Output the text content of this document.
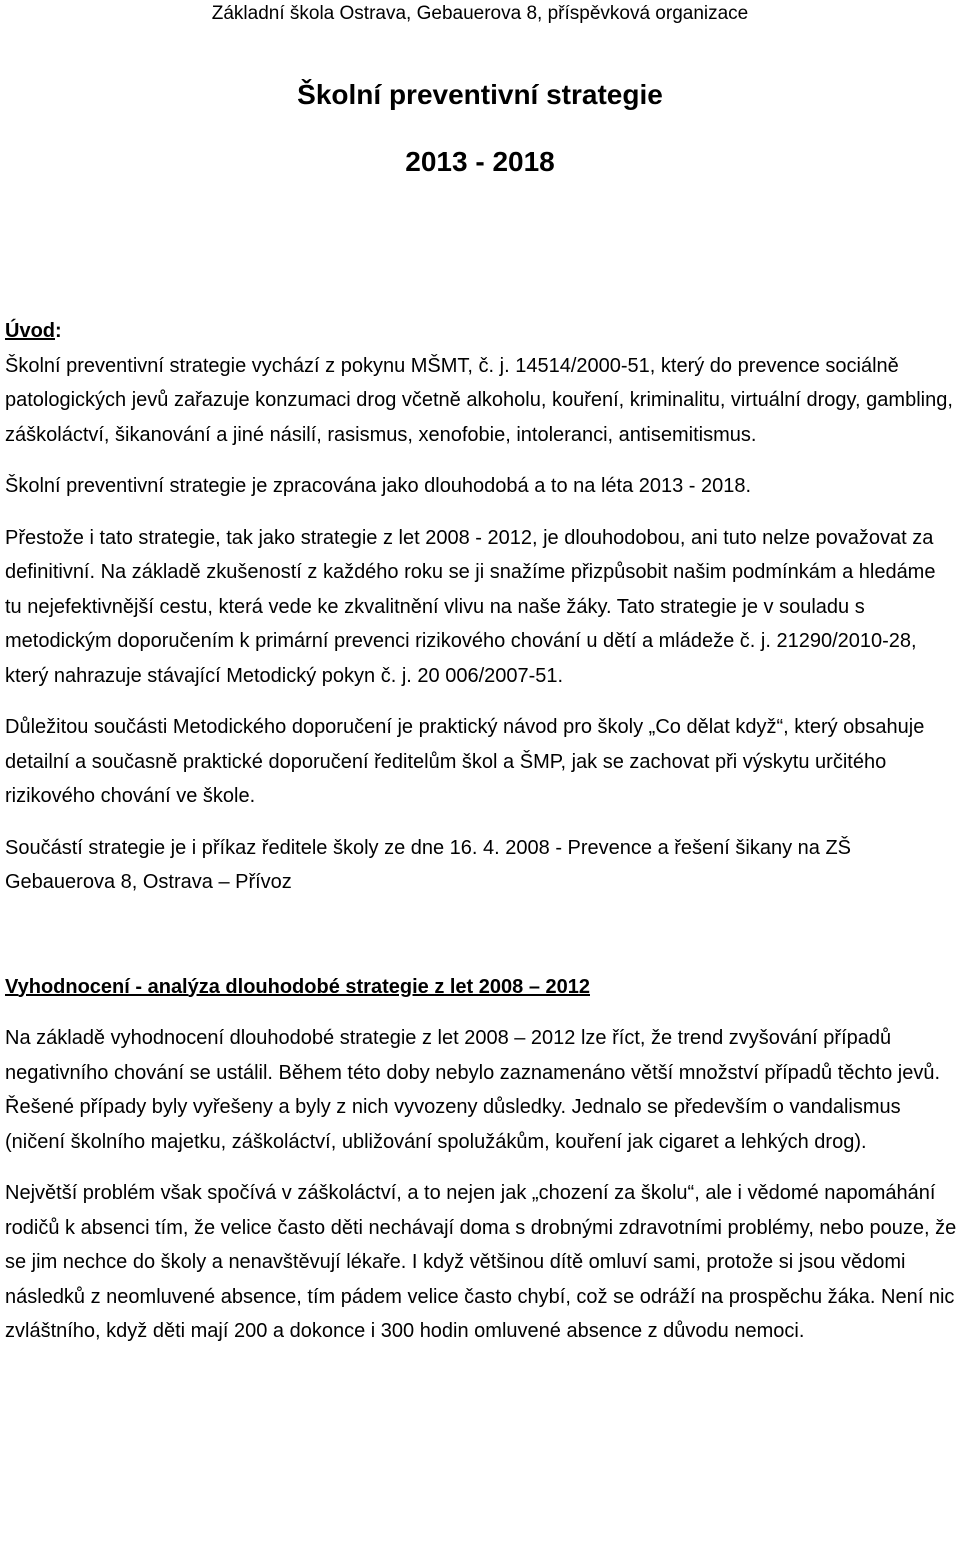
Základní škola Ostrava, Gebauerova 8, příspěvková organizace
Školní preventivní strategie
2013 - 2018

Úvod:

Školní preventivní strategie vychází z pokynu MŠMT, č. j. 14514/2000-51, který do prevence sociálně patologických jevů zařazuje konzumaci drog včetně alkoholu, kouření, kriminalitu, virtuální drogy, gambling, záškoláctví, šikanování a jiné násilí, rasismus, xenofobie, intoleranci, antisemitismus.

Školní preventivní strategie je zpracována jako dlouhodobá a to na léta 2013 - 2018.

Přestože i tato strategie, tak jako strategie z let 2008 - 2012, je dlouhodobou, ani tuto nelze považovat za definitivní. Na základě zkušeností z každého roku se ji snažíme přizpůsobit našim podmínkám a hledáme tu nejefektivnější cestu, která vede ke zkvalitnění vlivu na naše žáky. Tato strategie je v souladu s metodickým doporučením k primární prevenci rizikového chování u dětí a mládeže č. j. 21290/2010-28, který nahrazuje stávající Metodický pokyn č. j. 20 006/2007-51.

Důležitou součásti Metodického doporučení je praktický návod pro školy „Co dělat když“, který obsahuje detailní a současně praktické doporučení ředitelům škol a ŠMP, jak se zachovat při výskytu určitého rizikového chování ve škole.

Součástí strategie je i příkaz ředitele školy ze dne 16. 4. 2008 - Prevence a řešení šikany na ZŠ Gebauerova 8, Ostrava – Přívoz

Vyhodnocení - analýza dlouhodobé strategie z let 2008 – 2012

Na základě vyhodnocení dlouhodobé strategie z let 2008 – 2012 lze říct, že trend zvyšování případů negativního chování se ustálil. Během této doby nebylo zaznamenáno větší množství případů těchto jevů. Řešené případy byly vyřešeny a byly z nich vyvozeny důsledky. Jednalo se především o vandalismus (ničení školního majetku, záškoláctví, ubližování spolužákům, kouření jak cigaret a lehkých drog).

Největší problém však spočívá v záškoláctví, a to nejen jak „chození za školu“, ale i vědomé napomáhání rodičů k absenci tím, že velice často děti nechávají doma s drobnými zdravotními problémy, nebo pouze, že se jim nechce do školy a nenavštěvují lékaře. I když většinou dítě omluví sami, protože si jsou vědomi následků z neomluvené absence, tím pádem velice často chybí, což se odráží na prospěchu žáka. Není nic zvláštního, když děti mají 200 a dokonce i 300 hodin omluvené absence z důvodu nemoci.
